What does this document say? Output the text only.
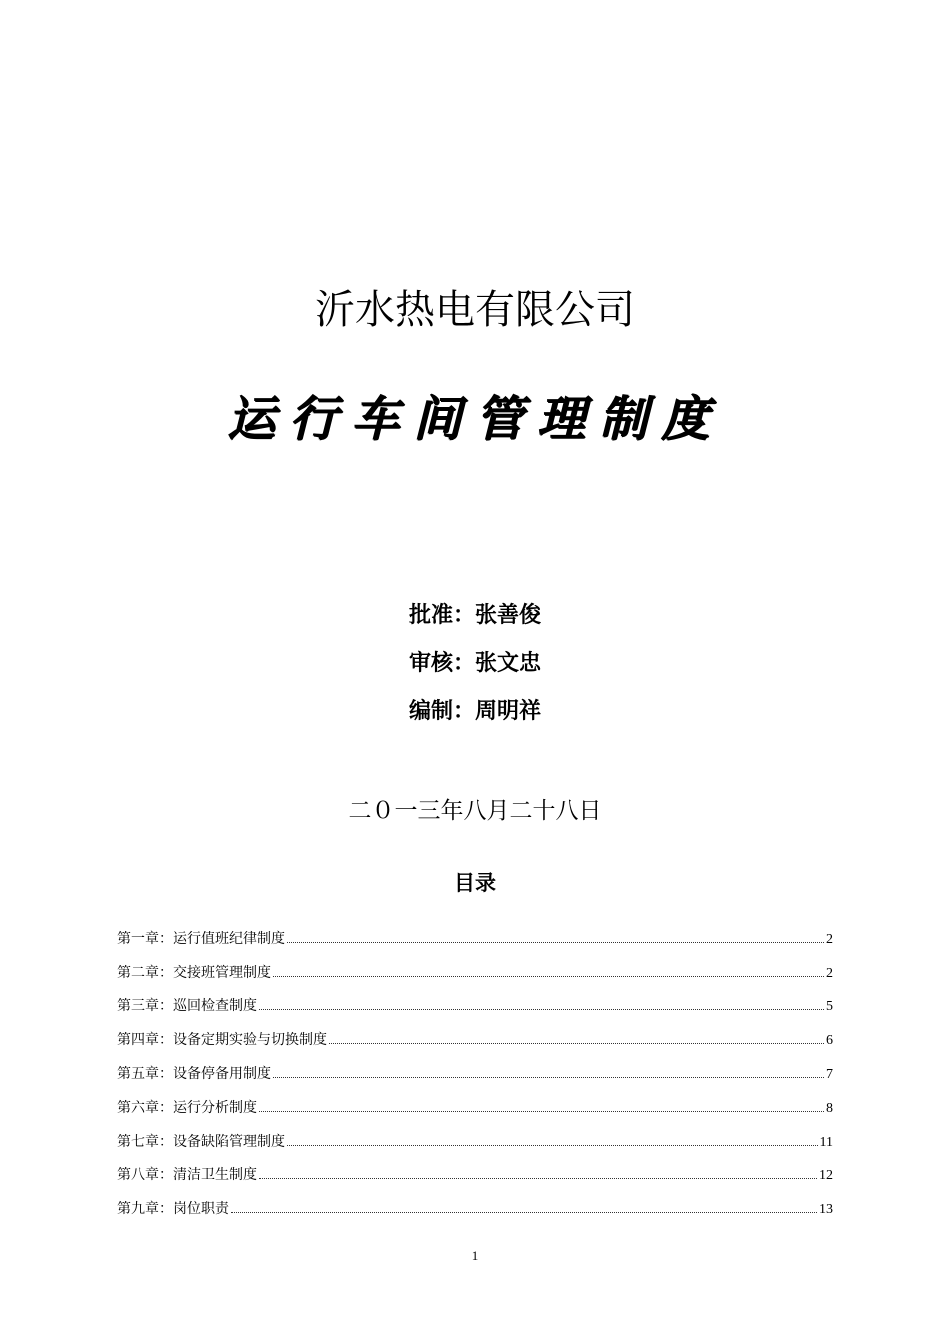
沂水热电有限公司
运行车间管理制度
批准：张善俊
审核：张文忠
编制：周明祥
二０一三年八月二十八日
目录
第一章：运行值班纪律制度	2
第二章：交接班管理制度	2
第三章：巡回检查制度	5
第四章：设备定期实验与切换制度	6
第五章：设备停备用制度	7
第六章：运行分析制度	8
第七章：设备缺陷管理制度	11
第八章：清洁卫生制度	12
第九章：岗位职责	13
1
